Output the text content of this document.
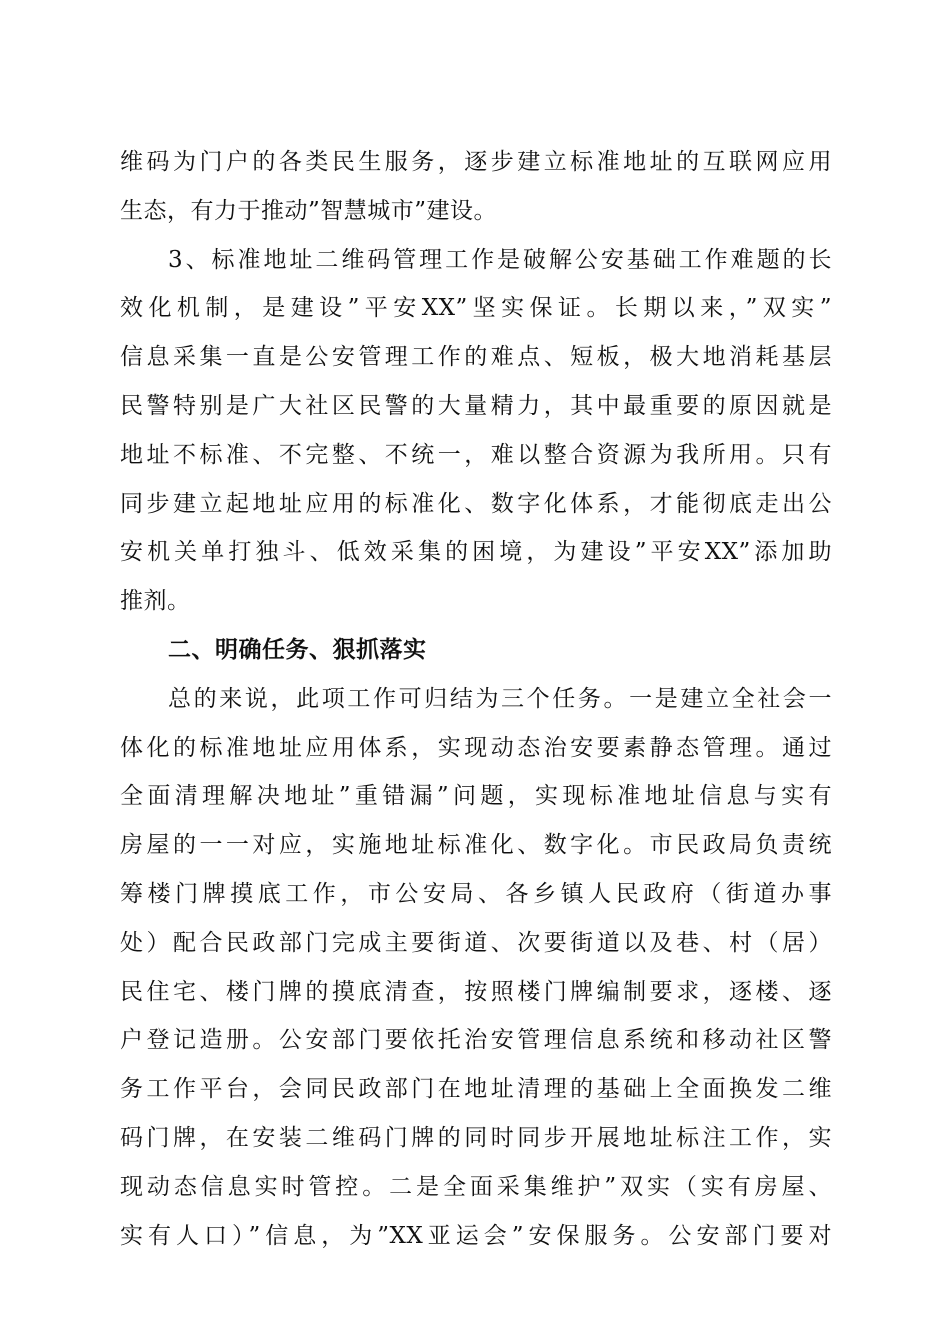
维码为门户的各类民生服务，逐步建立标准地址的互联网应用
生态，有力于推动”智慧城市”建设。
3、标准地址二维码管理工作是破解公安基础工作难题的长
效化机制，是建设”平安XX”坚实保证。长期以来，”双实”
信息采集一直是公安管理工作的难点、短板，极大地消耗基层
民警特别是广大社区民警的大量精力，其中最重要的原因就是
地址不标准、不完整、不统一，难以整合资源为我所用。只有
同步建立起地址应用的标准化、数字化体系，才能彻底走出公
安机关单打独斗、低效采集的困境，为建设”平安XX”添加助
推剂。
二、明确任务、狠抓落实
总的来说，此项工作可归结为三个任务。一是建立全社会一
体化的标准地址应用体系，实现动态治安要素静态管理。通过
全面清理解决地址”重错漏”问题，实现标准地址信息与实有
房屋的一一对应，实施地址标准化、数字化。市民政局负责统
筹楼门牌摸底工作，市公安局、各乡镇人民政府（街道办事
处）配合民政部门完成主要街道、次要街道以及巷、村（居）
民住宅、楼门牌的摸底清查，按照楼门牌编制要求，逐楼、逐
户登记造册。公安部门要依托治安管理信息系统和移动社区警
务工作平台，会同民政部门在地址清理的基础上全面换发二维
码门牌，在安装二维码门牌的同时同步开展地址标注工作，实
现动态信息实时管控。二是全面采集维护”双实（实有房屋、
实有人口）”信息，为”XX亚运会”安保服务。公安部门要对
